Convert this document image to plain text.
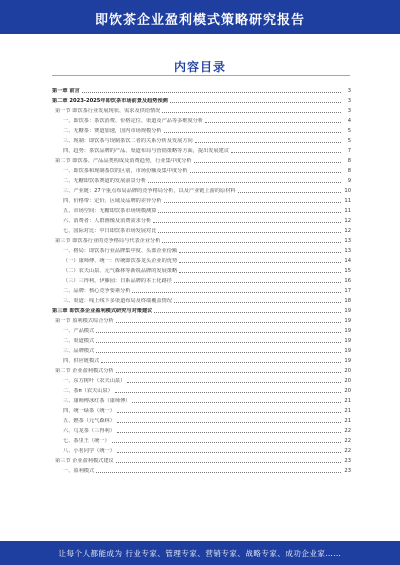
即饮茶企业盈利模式策略研究报告
内容目录
第一章 前言	3
第二章 2023-2025年即饮茶市场前景及趋势预测	3
第一节 即饮茶行业发展现状、需求及供给情况	3
一、即饮茶：茶饮消费、价格定位、渠道及产品等多维度分析	4
二、无糖茶：赛道加速，国内市场规模分析	5
三、现制：即饮茶与现制茶饮二者的关系分析及发展方向	5
四、趋势：茶饮品牌的产品、渠道布局与营销策略等方面，提出发展建议	7
第二节 即饮茶、产品品类构成及消费趋势，行业集中度分析	8
一、即饮茶和现制茶饮的区别，市场份额及集中度分析	8
二、无糖即饮茶赛道的发展前景分析	9
三、产业链：27个重点布局品牌的竞争格局分析，以及产业链上游的原材料	10
四、价格带：定价、区域及品牌的差异分析	11
五、市场空间：无糖即饮茶市场规模测算	11
六、消费者：人群画像及消费需求分析	12
七、国际对比：中日即饮茶市场发展对比	12
第三节 即饮茶行业的竞争格局与代表企业分析	13
一、格局：即饮茶行业品牌集中度、头部企业份额	13
（一）康师傅、统一：传统即饮茶龙头企业的优势	14
（二）农夫山泉、元气森林等新锐品牌的发展策略	15
（三）三得利、伊藤园：日系品牌的本土化路径	16
二、品牌：核心竞争要素分析	17
三、渠道：线上线下多渠道布局及终端覆盖情况	18
第三章 即饮茶企业盈利模式研究与对策建议	19
第一节 盈利模式综合分析	19
一、产品模式	19
二、渠道模式	19
三、品牌模式	19
四、供应链模式	19
第二节 企业盈利模式分析	20
一、东方树叶（农夫山泉）	20
二、茶π（农夫山泉）	20
三、康师傅冰红茶（康师傅）	21
四、统一绿茶（统一）	21
五、燃茶（元气森林）	21
六、乌龙茶（三得利）	22
七、茶里王（统一）	22
八、小茗同学（统一）	22
第三节 企业盈利模式建议	23
一、盈利模式	23
让每个人都能成为 行业专家、管理专家、营销专家、战略专家、成功企业家……
